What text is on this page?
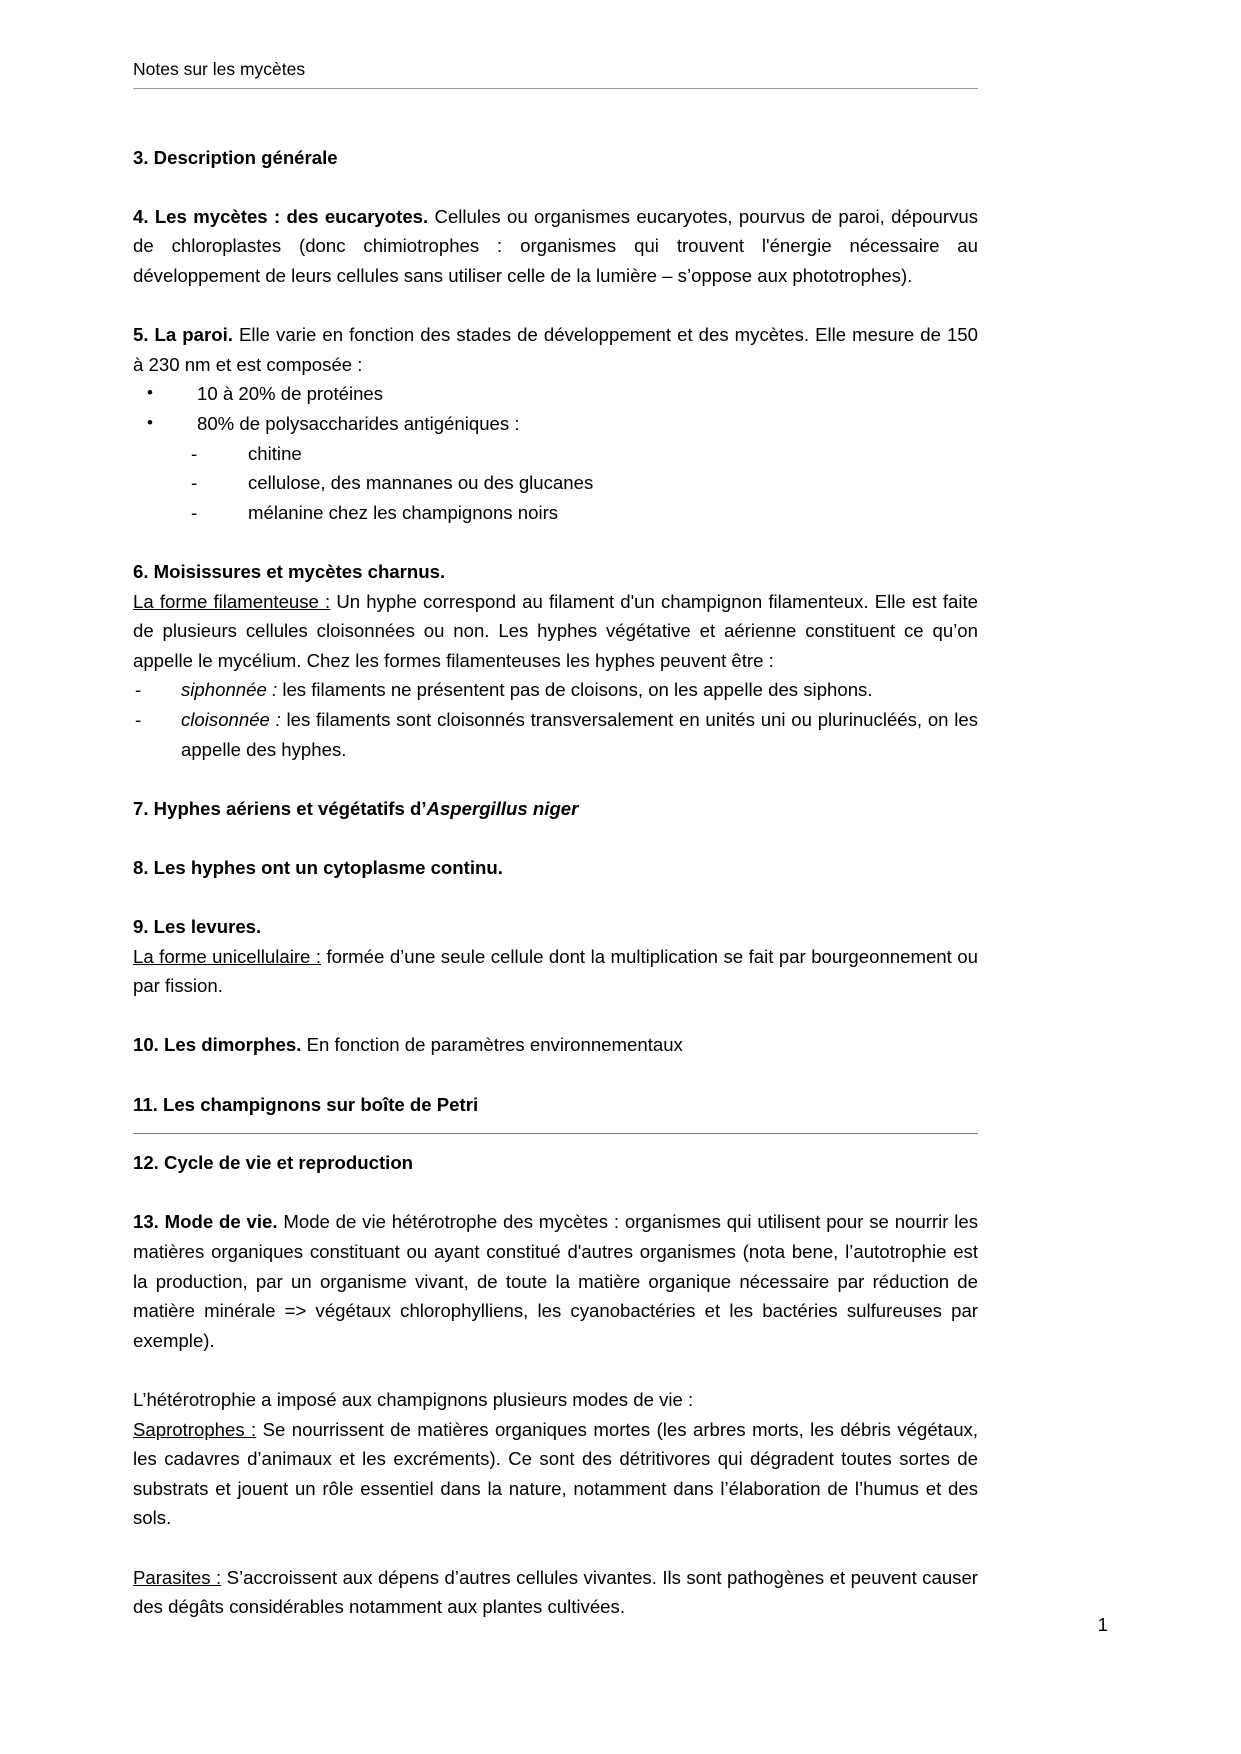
Notes sur les mycètes

3. Description générale

4. Les mycètes : des eucaryotes. Cellules ou organismes eucaryotes, pourvus de paroi, dépourvus de chloroplastes (donc chimiotrophes : organismes qui trouvent l'énergie nécessaire au développement de leurs cellules sans utiliser celle de la lumière – s’oppose aux phototrophes).

5. La paroi. Elle varie en fonction des stades de développement et des mycètes. Elle mesure de 150 à 230 nm et est composée :

• 10 à 20% de protéines
• 80% de polysaccharides antigéniques :
- chitine
- cellulose, des mannanes ou des glucanes
- mélanine chez les champignons noirs

6. Moisissures et mycètes charnus.

La forme filamenteuse : Un hyphe correspond au filament d'un champignon filamenteux. Elle est faite de plusieurs cellules cloisonnées ou non. Les hyphes végétative et aérienne constituent ce qu’on appelle le mycélium. Chez les formes filamenteuses les hyphes peuvent être :

- siphonnée : les filaments ne présentent pas de cloisons, on les appelle des siphons.
- cloisonnée : les filaments sont cloisonnés transversalement en unités uni ou plurinucléés, on les appelle des hyphes.

7. Hyphes aériens et végétatifs d’Aspergillus niger

8. Les hyphes ont un cytoplasme continu.

9. Les levures.

La forme unicellulaire : formée d’une seule cellule dont la multiplication se fait par bourgeonnement ou par fission.

10. Les dimorphes. En fonction de paramètres environnementaux

11. Les champignons sur boîte de Petri

12. Cycle de vie et reproduction

13. Mode de vie. Mode de vie hétérotrophe des mycètes : organismes qui utilisent pour se nourrir les matières organiques constituant ou ayant constitué d'autres organismes (nota bene, l’autotrophie est la production, par un organisme vivant, de toute la matière organique nécessaire par réduction de matière minérale => végétaux chlorophylliens, les cyanobactéries et les bactéries sulfureuses par exemple).

L’hétérotrophie a imposé aux champignons plusieurs modes de vie :

Saprotrophes : Se nourrissent de matières organiques mortes (les arbres morts, les débris végétaux, les cadavres d’animaux et les excréments). Ce sont des détritivores qui dégradent toutes sortes de substrats et jouent un rôle essentiel dans la nature, notamment dans l’élaboration de l’humus et des sols.

Parasites : S’accroissent aux dépens d’autres cellules vivantes. Ils sont pathogènes et peuvent causer des dégâts considérables notamment aux plantes cultivées.

1
